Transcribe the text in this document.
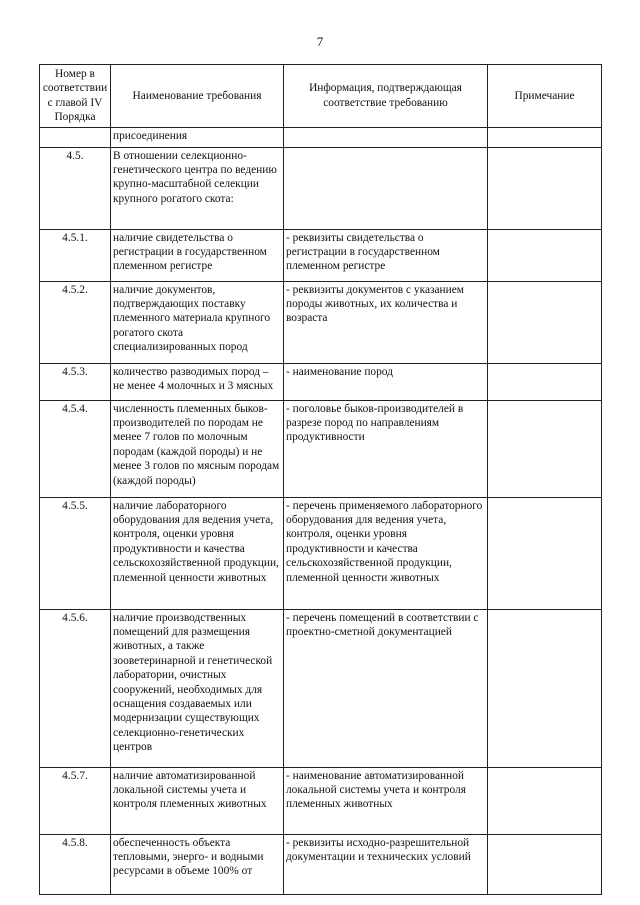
7
Номер в соответствии с главой IV Порядка	Наименование требования	Информация, подтверждающая соответствие требованию	Примечание
	присоединения		
4.5.	В отношении селекционно-генетического центра по ведению крупно-масштабной селекции крупного рогатого скота:		
4.5.1.	наличие свидетельства о регистрации в государственном племенном регистре	- реквизиты свидетельства о регистрации в государственном племенном регистре	
4.5.2.	наличие документов, подтверждающих поставку племенного материала крупного рогатого скота специализированных пород	- реквизиты документов с указанием породы животных, их количества и возраста	
4.5.3.	количество разводимых пород – не менее 4 молочных и 3 мясных	- наименование пород	
4.5.4.	численность племенных быков-производителей по породам не менее 7 голов по молочным породам (каждой породы) и не менее 3 голов по мясным породам (каждой породы)	- поголовье быков-производителей в разрезе пород по направлениям продуктивности	
4.5.5.	наличие лабораторного оборудования для ведения учета, контроля, оценки уровня продуктивности и качества сельскохозяйственной продукции, племенной ценности животных	- перечень применяемого лабораторного оборудования для ведения учета, контроля, оценки уровня продуктивности и качества сельскохозяйственной продукции, племенной ценности животных	
4.5.6.	наличие производственных помещений для размещения животных, а также зооветеринарной и генетической лаборатории, очистных сооружений, необходимых для оснащения создаваемых или модернизации существующих селекционно-генетических центров	- перечень помещений в соответствии с проектно-сметной документацией	
4.5.7.	наличие автоматизированной локальной системы учета и контроля племенных животных	- наименование автоматизированной локальной системы учета и контроля племенных животных	
4.5.8.	обеспеченность объекта тепловыми, энерго- и водными ресурсами в объеме 100% от	- реквизиты исходно-разрешительной документации и технических условий	
